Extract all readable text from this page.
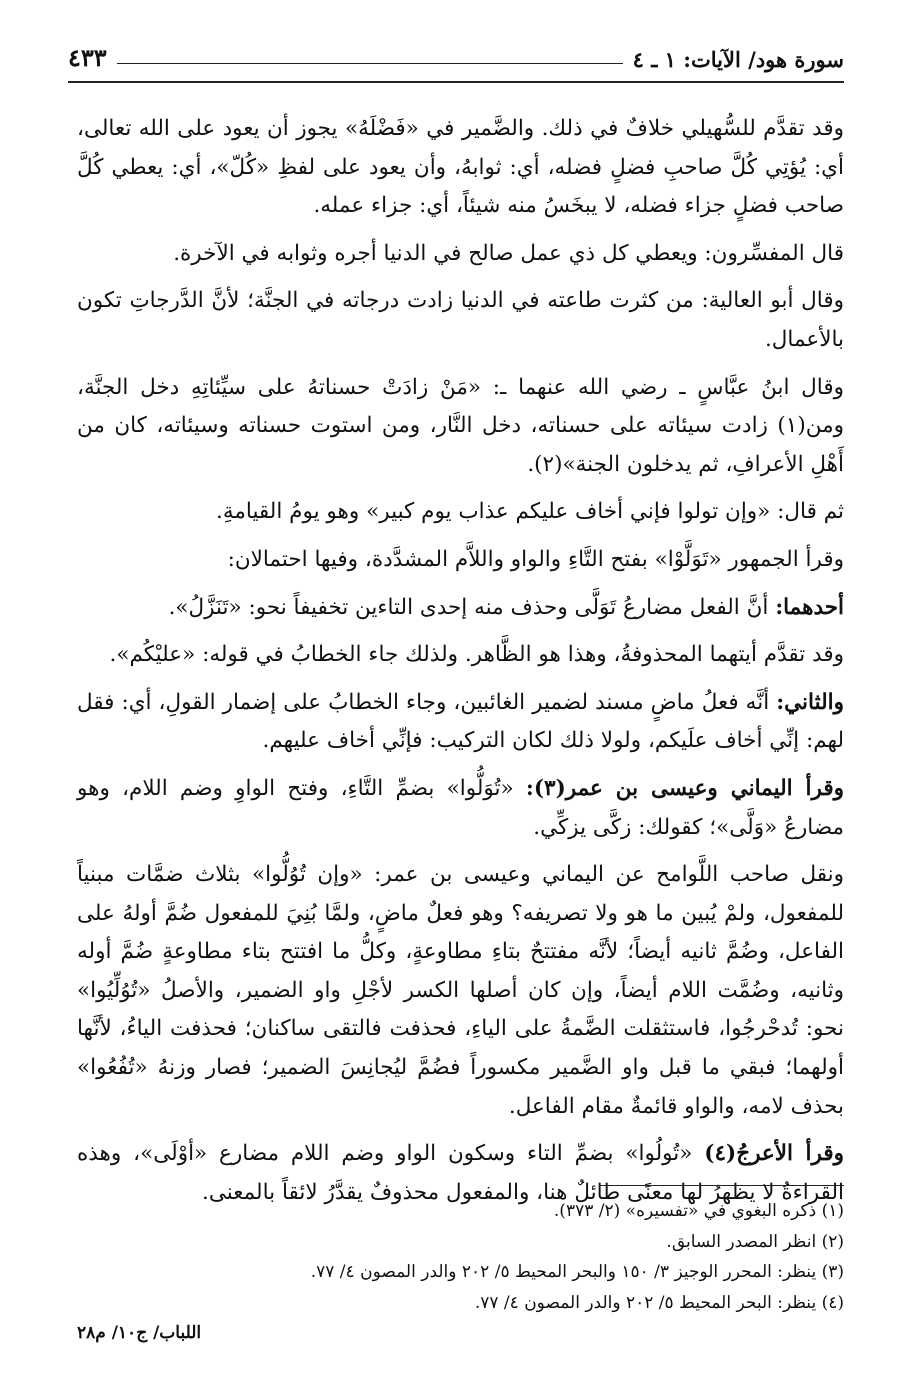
سورة هود/ الآيات: ١ ـ ٤
٤٣٣

وقد تقدَّم للسُّهيلي خلافٌ في ذلك. والضَّمير في «فَضْلَهُ» يجوز أن يعود على الله تعالى، أي: يُؤتِي كُلَّ صاحبِ فضلٍ فضله، أي: ثوابهُ، وأن يعود على لفظِ «كُلّ»، أي: يعطي كُلَّ صاحب فضلٍ جزاء فضله، لا يبخَسُ منه شيئاً، أي: جزاء عمله.

قال المفسِّرون: ويعطي كل ذي عمل صالح في الدنيا أجره وثوابه في الآخرة.

وقال أبو العالية: من كثرت طاعته في الدنيا زادت درجاته في الجنَّة؛ لأنَّ الدَّرجاتِ تكون بالأعمال.

وقال ابنُ عبَّاسٍ ـ رضي الله عنهما ـ: «مَنْ زادَتْ حسناتهُ على سيِّئاتِهِ دخل الجنَّة، ومن(١) زادت سيئاته على حسناته، دخل النَّار، ومن استوت حسناته وسيئاته، كان من أَهْلِ الأعرافِ، ثم يدخلون الجنة»(٢).

ثم قال: «وإن تولوا فإني أخاف عليكم عذاب يوم كبير» وهو يومُ القيامةِ.

وقرأ الجمهور «تَوَلَّوْا» بفتح التَّاءِ والواو واللاَّم المشدَّدة، وفيها احتمالان:

أحدهما: أنَّ الفعل مضارعُ تَوَلَّى وحذف منه إحدى التاءين تخفيفاً نحو: «تَنَزَّلُ».

وقد تقدَّم أيتهما المحذوفةُ، وهذا هو الظَّاهر. ولذلك جاء الخطابُ في قوله: «عليْكُم».

والثاني: أنَّه فعلُ ماضٍ مسند لضمير الغائبين، وجاء الخطابُ على إضمار القولِ، أي: فقل لهم: إنِّي أخاف علَيكم، ولولا ذلك لكان التركيب: فإنِّي أخاف عليهم.

وقرأ اليماني وعيسى بن عمر(٣): «تُوَلُّوا» بضمِّ التَّاءِ، وفتح الواوِ وضم اللام، وهو مضارعُ «وَلَّى»؛ كقولك: زكَّى يزكِّي.

ونقل صاحب اللَّوامح عن اليماني وعيسى بن عمر: «وإن تُوُلُّوا» بثلاث ضمَّات مبنياً للمفعول، ولمْ يُبين ما هو ولا تصريفه؟ وهو فعلٌ ماضٍ، ولمَّا بُنِيَ للمفعول ضُمَّ أولهُ على الفاعل، وضُمَّ ثانيه أيضاً؛ لأنَّه مفتتحٌ بتاءِ مطاوعةٍ، وكلُّ ما افتتح بتاء مطاوعةٍ ضُمَّ أوله وثانيه، وضُمَّت اللام أيضاً، وإن كان أصلها الكسر لأجْلِ واو الضمير، والأصلُ «تُوُلِّيُوا» نحو: تُدحْرجُوا، فاستثقلت الضَّمةُ على الياءِ، فحذفت فالتقى ساكنان؛ فحذفت الياءُ، لأنَّها أولهما؛ فبقي ما قبل واو الضَّمير مكسوراً فضُمَّ ليُجانِسَ الضمير؛ فصار وزنهُ «تُفُعُوا» بحذف لامه، والواو قائمةٌ مقام الفاعل.

وقرأ الأعرجُ(٤) «تُولُوا» بضمِّ التاء وسكون الواو وضم اللام مضارع «أوْلَى»، وهذه القراءةُ لا يظهرُ لها معنًى طائلٌ هنا، والمفعول محذوفٌ يقدَّرُ لائقاً بالمعنى.

(١) ذكره البغوي في «تفسيره» (٢/ ٣٧٣).
(٢) انظر المصدر السابق.
(٣) ينظر: المحرر الوجيز ٣/ ١٥٠ والبحر المحيط ٥/ ٢٠٢ والدر المصون ٤/ ٧٧.
(٤) ينظر: البحر المحيط ٥/ ٢٠٢ والدر المصون ٤/ ٧٧.
اللباب/ ج١٠/ م٢٨
